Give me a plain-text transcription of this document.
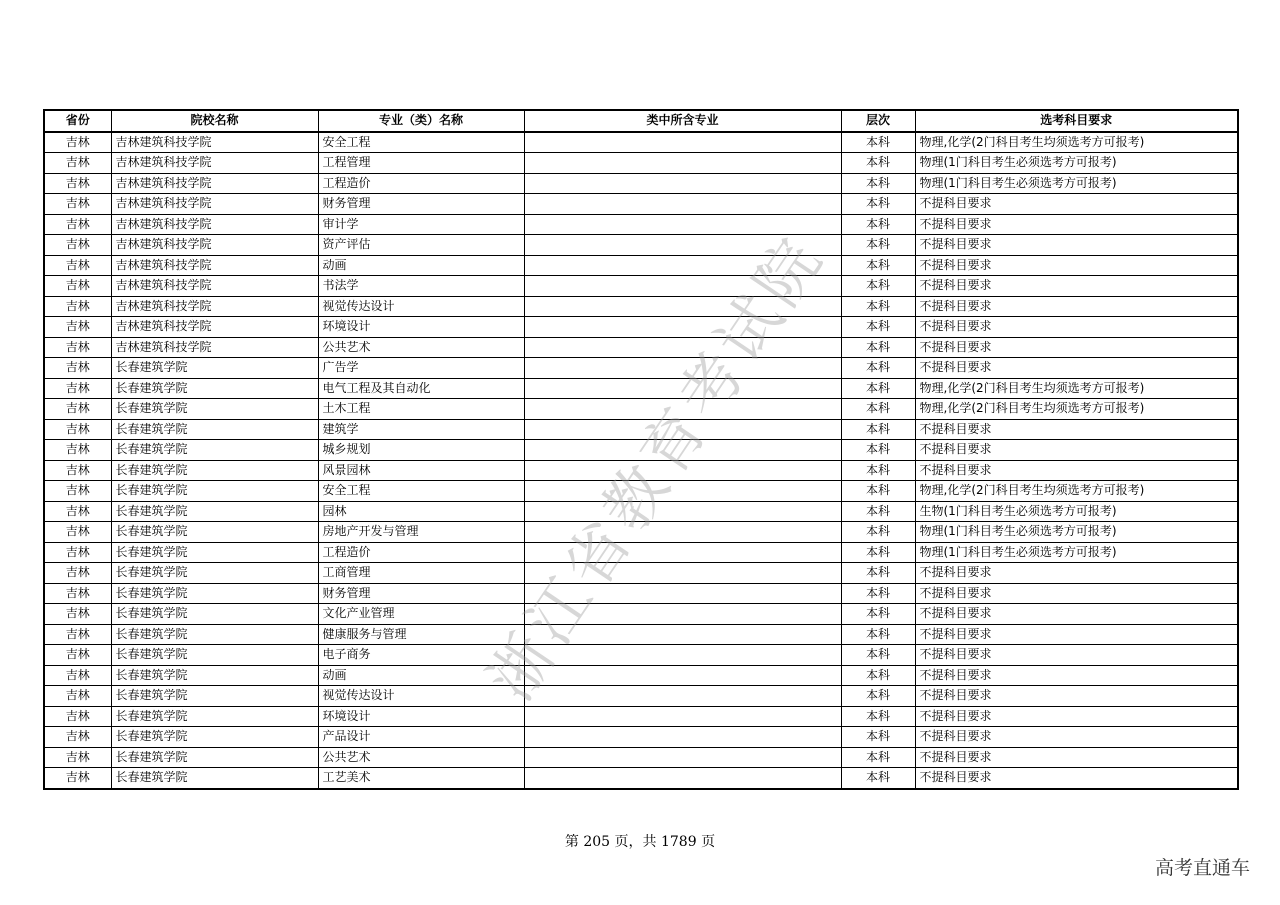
省份	院校名称	专业（类）名称	类中所含专业	层次	选考科目要求
吉林	吉林建筑科技学院	安全工程		本科	物理,化学(2门科目考生均须选考方可报考)
吉林	吉林建筑科技学院	工程管理		本科	物理(1门科目考生必须选考方可报考)
吉林	吉林建筑科技学院	工程造价		本科	物理(1门科目考生必须选考方可报考)
吉林	吉林建筑科技学院	财务管理		本科	不提科目要求
吉林	吉林建筑科技学院	审计学		本科	不提科目要求
吉林	吉林建筑科技学院	资产评估		本科	不提科目要求
吉林	吉林建筑科技学院	动画		本科	不提科目要求
吉林	吉林建筑科技学院	书法学		本科	不提科目要求
吉林	吉林建筑科技学院	视觉传达设计		本科	不提科目要求
吉林	吉林建筑科技学院	环境设计		本科	不提科目要求
吉林	吉林建筑科技学院	公共艺术		本科	不提科目要求
吉林	长春建筑学院	广告学		本科	不提科目要求
吉林	长春建筑学院	电气工程及其自动化		本科	物理,化学(2门科目考生均须选考方可报考)
吉林	长春建筑学院	土木工程		本科	物理,化学(2门科目考生均须选考方可报考)
吉林	长春建筑学院	建筑学		本科	不提科目要求
吉林	长春建筑学院	城乡规划		本科	不提科目要求
吉林	长春建筑学院	风景园林		本科	不提科目要求
吉林	长春建筑学院	安全工程		本科	物理,化学(2门科目考生均须选考方可报考)
吉林	长春建筑学院	园林		本科	生物(1门科目考生必须选考方可报考)
吉林	长春建筑学院	房地产开发与管理		本科	物理(1门科目考生必须选考方可报考)
吉林	长春建筑学院	工程造价		本科	物理(1门科目考生必须选考方可报考)
吉林	长春建筑学院	工商管理		本科	不提科目要求
吉林	长春建筑学院	财务管理		本科	不提科目要求
吉林	长春建筑学院	文化产业管理		本科	不提科目要求
吉林	长春建筑学院	健康服务与管理		本科	不提科目要求
吉林	长春建筑学院	电子商务		本科	不提科目要求
吉林	长春建筑学院	动画		本科	不提科目要求
吉林	长春建筑学院	视觉传达设计		本科	不提科目要求
吉林	长春建筑学院	环境设计		本科	不提科目要求
吉林	长春建筑学院	产品设计		本科	不提科目要求
吉林	长春建筑学院	公共艺术		本科	不提科目要求
吉林	长春建筑学院	工艺美术		本科	不提科目要求
浙江省教育考试院
第 205 页，共 1789 页
高考直通车
